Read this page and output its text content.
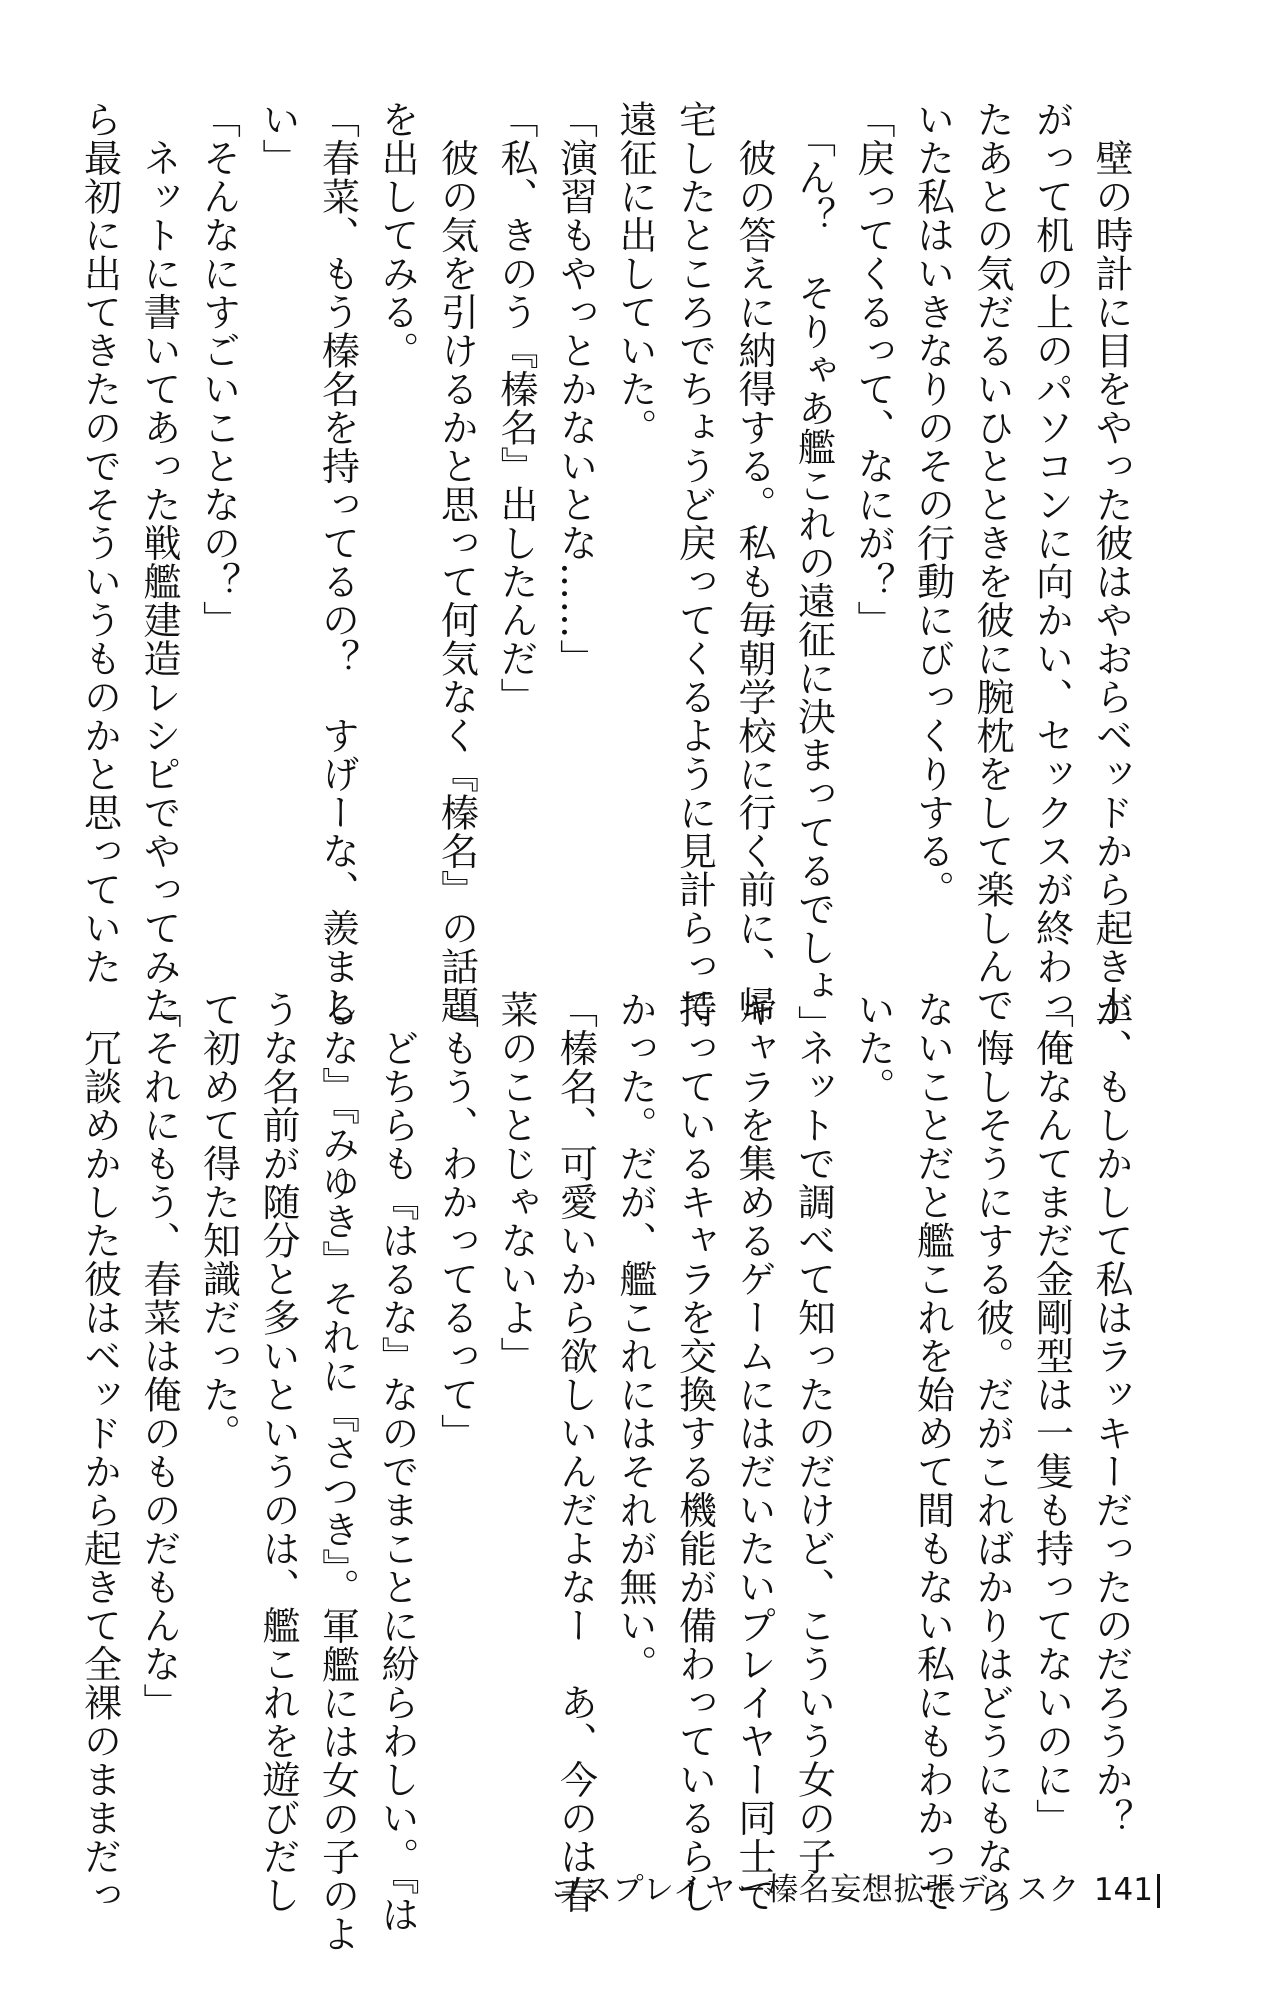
　壁の時計に目をやった彼はやおらベッドから起き上
がって机の上のパソコンに向かい、セックスが終わっ
たあとの気だるいひとときを彼に腕枕をして楽しんで
いた私はいきなりのその行動にびっくりする。
「戻ってくるって、なにが？」
　「ん？　そりゃあ艦これの遠征に決まってるでしょ」
　彼の答えに納得する。私も毎朝学校に行く前に、帰
宅したところでちょうど戻ってくるように見計らって
遠征に出していた。
「演習もやっとかないとな……」
「私、きのう『榛名』出したんだ」
　彼の気を引けるかと思って何気なく『榛名』の話題
を出してみる。
「春菜、もう榛名を持ってるの？　すげーな、羨まし
い」
「そんなにすごいことなの？」
　ネットに書いてあった戦艦建造レシピでやってみた
ら最初に出てきたのでそういうものかと思っていた
が、もしかして私はラッキーだったのだろうか？
「俺なんてまだ金剛型は一隻も持ってないのに」
　悔しそうにする彼。だがこればかりはどうにもなら
ないことだと艦これを始めて間もない私にもわかって
いた。
　ネットで調べて知ったのだけど、こういう女の子
キャラを集めるゲームにはだいたいプレイヤー同士で
持っているキャラを交換する機能が備わっているらし
かった。だが、艦これにはそれが無い。
「榛名、可愛いから欲しいんだよなー　あ、今のは春
菜のことじゃないよ」
「もう、わかってるって」
　どちらも『はるな』なのでまことに紛らわしい。『は
るな』『みゆき』それに『さつき』。軍艦には女の子のよ
うな名前が随分と多いというのは、艦これを遊びだし
て初めて得た知識だった。
「それにもう、春菜は俺のものだもんな」
　冗談めかした彼はベッドから起きて全裸のままだっ	コスプレイヤー榛名妄想拡張ディスク 141
